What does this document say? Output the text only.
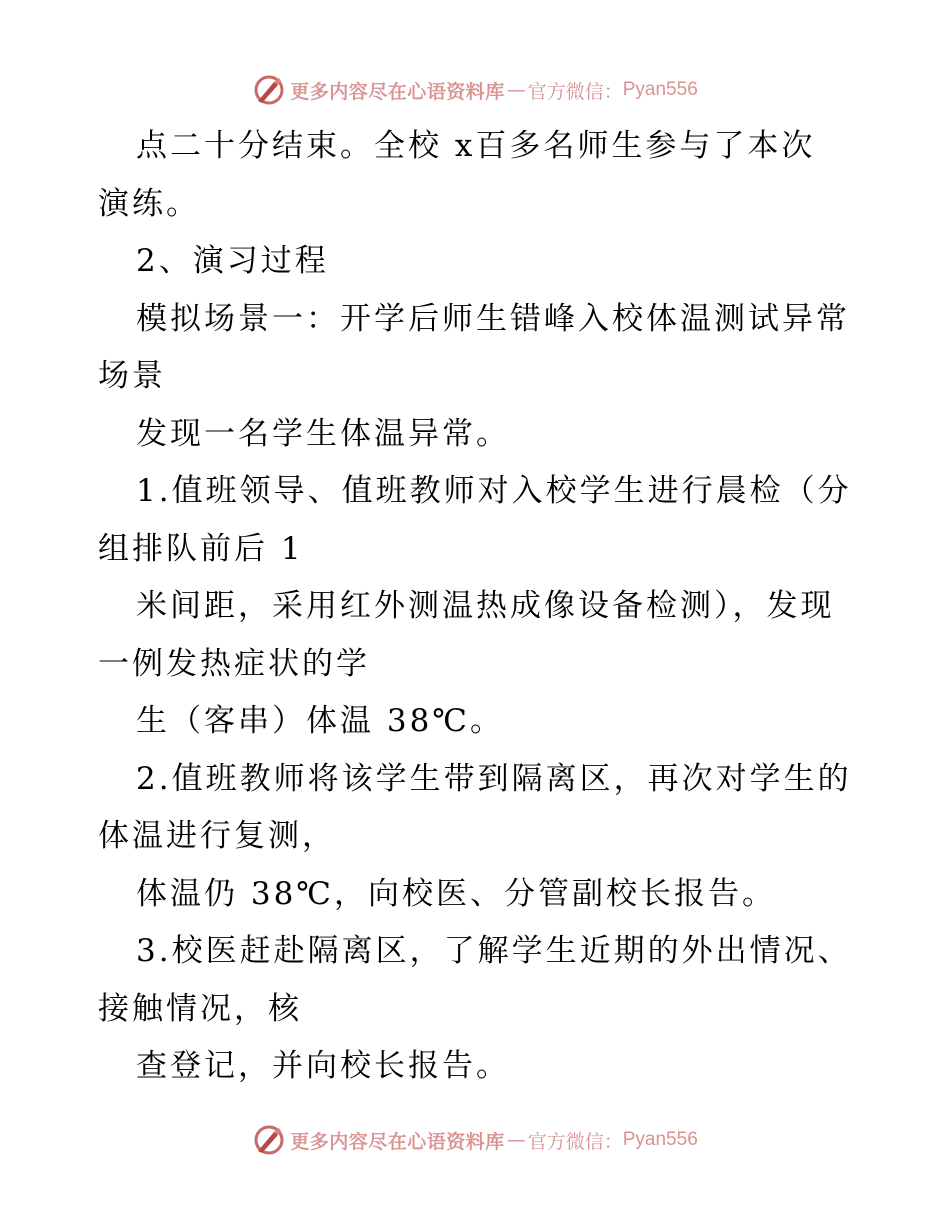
更多内容尽在心语资料库 — 官方微信： Pyan556
点二十分结束。全校 x百多名师生参与了本次
演练。
2、演习过程
模拟场景一：开学后师生错峰入校体温测试异常
场景
发现一名学生体温异常。
1.值班领导、值班教师对入校学生进行晨检（分
组排队前后 1
米间距，采用红外测温热成像设备检测），发现
一例发热症状的学
生（客串）体温 38℃。
2.值班教师将该学生带到隔离区，再次对学生的
体温进行复测，
体温仍 38℃，向校医、分管副校长报告。
3.校医赶赴隔离区，了解学生近期的外出情况、
接触情况，核
查登记，并向校长报告。
更多内容尽在心语资料库 — 官方微信： Pyan556
